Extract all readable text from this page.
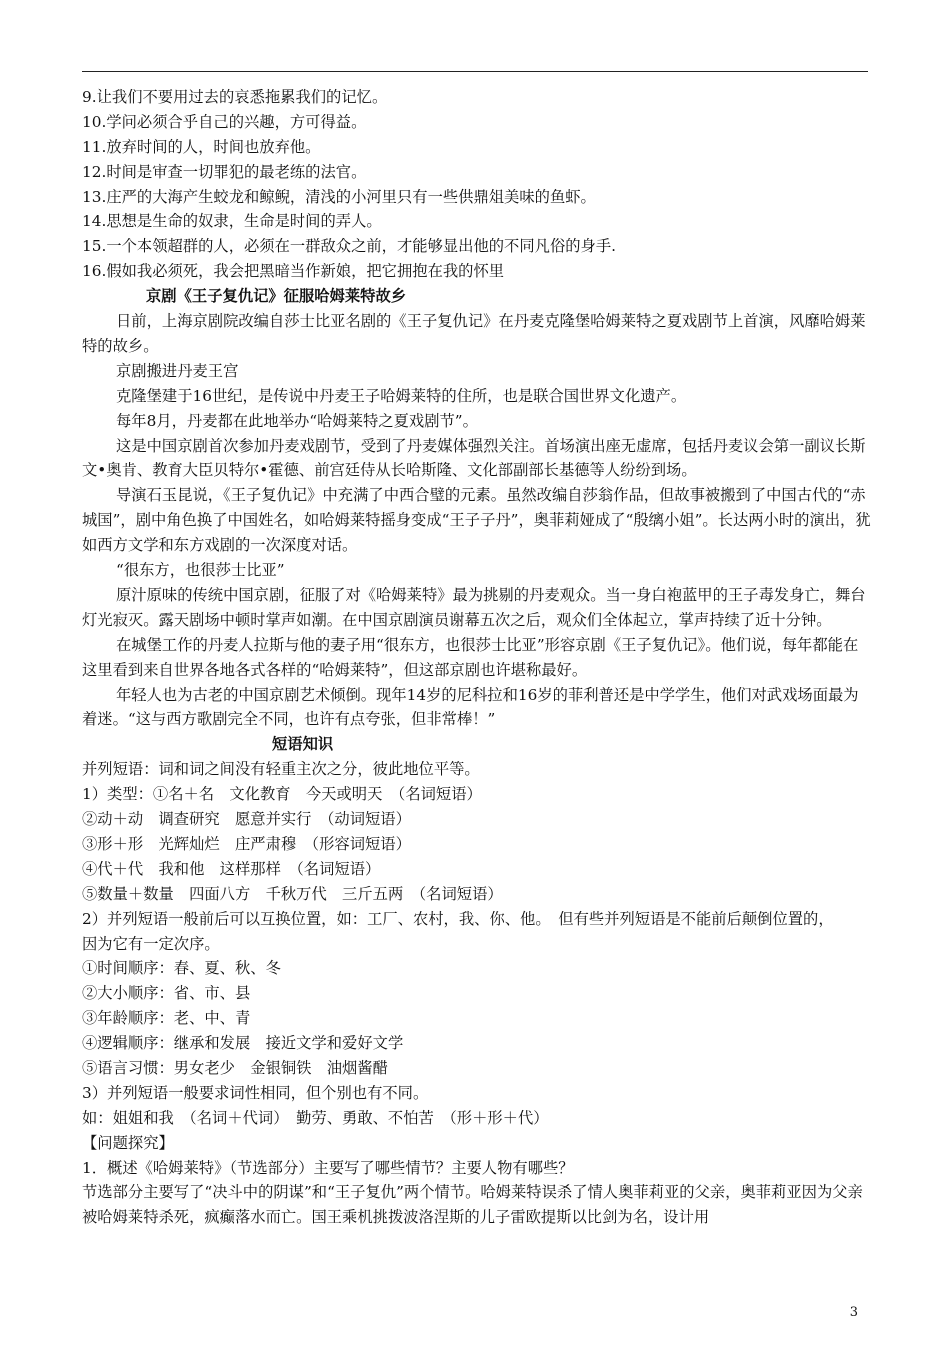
9.让我们不要用过去的哀悉拖累我们的记忆。
10.学问必须合乎自己的兴趣，方可得益。
11.放弃时间的人，时间也放弃他。
12.时间是审查一切罪犯的最老练的法官。
13.庄严的大海产生蛟龙和鲸鲵，清浅的小河里只有一些供鼎俎美味的鱼虾。
14.思想是生命的奴隶，生命是时间的弄人。
15.一个本领超群的人，必须在一群敌众之前，才能够显出他的不同凡俗的身手.
16.假如我必须死，我会把黑暗当作新娘，把它拥抱在我的怀里
京剧《王子复仇记》征服哈姆莱特故乡
日前，上海京剧院改编自莎士比亚名剧的《王子复仇记》在丹麦克隆堡哈姆莱特之夏戏剧节上首演，风靡哈姆莱特的故乡。
京剧搬进丹麦王宫
克隆堡建于16世纪，是传说中丹麦王子哈姆莱特的住所，也是联合国世界文化遗产。
每年8月，丹麦都在此地举办“哈姆莱特之夏戏剧节”。
这是中国京剧首次参加丹麦戏剧节，受到了丹麦媒体强烈关注。首场演出座无虚席，包括丹麦议会第一副议长斯文•奥肯、教育大臣贝特尔•霍德、前宫廷侍从长哈斯隆、文化部副部长基德等人纷纷到场。
导演石玉昆说，《王子复仇记》中充满了中西合璧的元素。虽然改编自莎翁作品，但故事被搬到了中国古代的“赤城国”，剧中角色换了中国姓名，如哈姆莱特摇身变成“王子子丹”，奥菲莉娅成了“殷缡小姐”。长达两小时的演出，犹如西方文学和东方戏剧的一次深度对话。
“很东方，也很莎士比亚”
原汁原味的传统中国京剧，征服了对《哈姆莱特》最为挑剔的丹麦观众。当一身白袍蓝甲的王子毒发身亡，舞台灯光寂灭。露天剧场中顿时掌声如潮。在中国京剧演员谢幕五次之后，观众们全体起立，掌声持续了近十分钟。
在城堡工作的丹麦人拉斯与他的妻子用“很东方，也很莎士比亚”形容京剧《王子复仇记》。他们说，每年都能在这里看到来自世界各地各式各样的“哈姆莱特”，但这部京剧也许堪称最好。
年轻人也为古老的中国京剧艺术倾倒。现年14岁的尼科拉和16岁的菲利普还是中学学生，他们对武戏场面最为着迷。“这与西方歌剧完全不同，也许有点夸张，但非常棒！”
短语知识
并列短语：词和词之间没有轻重主次之分，彼此地位平等。
1）类型：①名＋名　文化教育　今天或明天　（名词短语）
②动＋动　调查研究　愿意并实行　（动词短语）
③形＋形　光辉灿烂　庄严肃穆　（形容词短语）
④代＋代　我和他　这样那样　（名词短语）
⑤数量＋数量　四面八方　千秋万代　三斤五两　（名词短语）
2）并列短语一般前后可以互换位置，如：工厂、农村，我、你、他。　但有些并列短语是不能前后颠倒位置的，
因为它有一定次序。
①时间顺序：春、夏、秋、冬
②大小顺序：省、市、县
③年龄顺序：老、中、青
④逻辑顺序：继承和发展　接近文学和爱好文学
⑤语言习惯：男女老少　金银铜铁　油烟酱醋
3）并列短语一般要求词性相同，但个别也有不同。
如：姐姐和我　（名词＋代词）　勤劳、勇敢、不怕苦　（形＋形＋代）
【问题探究】
1．概述《哈姆莱特》（节选部分）主要写了哪些情节？主要人物有哪些？
节选部分主要写了“决斗中的阴谋”和“王子复仇”两个情节。哈姆莱特误杀了情人奥菲莉亚的父亲，奥菲莉亚因为父亲被哈姆莱特杀死，疯癫落水而亡。国王乘机挑拨波洛涅斯的儿子雷欧提斯以比剑为名，设计用
3
